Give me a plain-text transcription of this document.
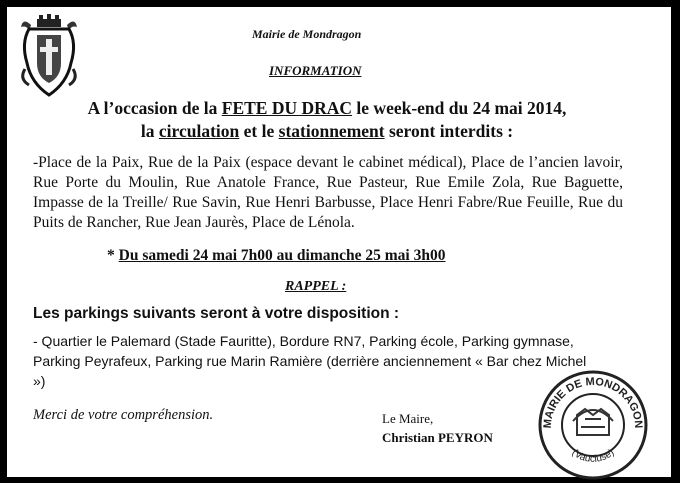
Mairie de Mondragon
INFORMATION
A l’occasion de la FETE DU DRAC le week-end du 24 mai 2014,
la circulation et le stationnement seront interdits :
-Place de la Paix, Rue de la Paix (espace devant le cabinet médical), Place de l’ancien lavoir, Rue Porte du Moulin, Rue Anatole France, Rue Pasteur, Rue Emile Zola, Rue Baguette, Impasse de la Treille/ Rue Savin, Rue Henri Barbusse, Place Henri Fabre/Rue Feuille, Rue du Puits de Rancher, Rue Jean Jaurès, Place de Lénola.
* Du samedi 24 mai 7h00 au dimanche 25 mai 3h00
RAPPEL :
Les parkings suivants seront à votre disposition :
- Quartier le Palemard (Stade Fauritte), Bordure RN7, Parking école, Parking gymnase, Parking Peyrafeux, Parking rue Marin Ramière (derrière anciennement « Bar chez Michel »)
Merci de votre compréhension.	Le Maire,
Christian PEYRON
MAIRIE DE MONDRAGON
(Vaucluse)
